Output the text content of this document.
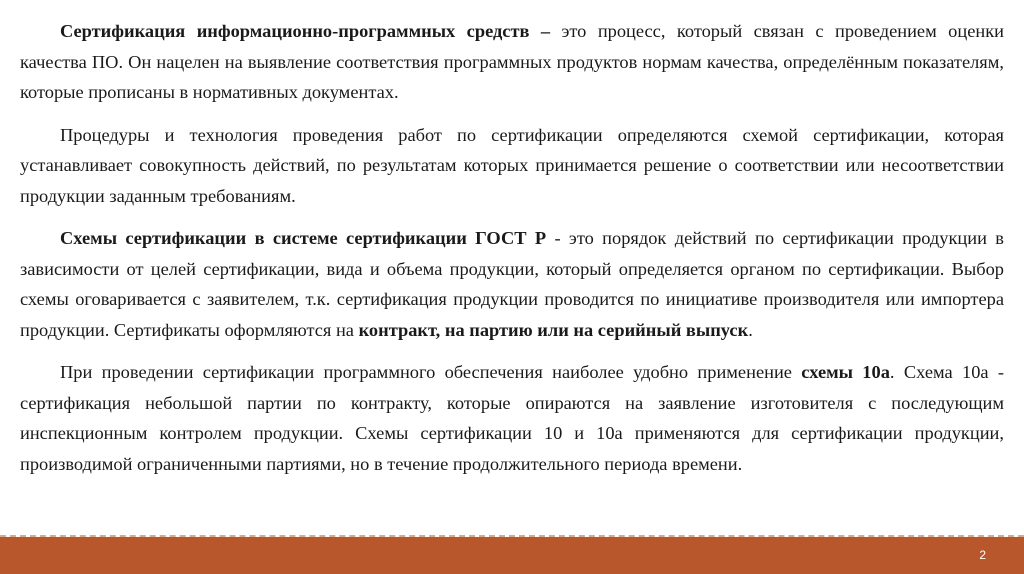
Сертификация информационно-программных средств – это процесс, который связан с проведением оценки качества ПО. Он нацелен на выявление соответствия программных продуктов нормам качества, определённым показателям, которые прописаны в нормативных документах.

Процедуры и технология проведения работ по сертификации определяются схемой сертификации, которая устанавливает совокупность действий, по результатам которых принимается решение о соответствии или несоответствии продукции заданным требованиям.

Схемы сертификации в системе сертификации ГОСТ Р - это порядок действий по сертификации продукции в зависимости от целей сертификации, вида и объема продукции, который определяется органом по сертификации. Выбор схемы оговаривается с заявителем, т.к. сертификация продукции проводится по инициативе производителя или импортера продукции. Сертификаты оформляются на контракт, на партию или на серийный выпуск.

При проведении сертификации программного обеспечения наиболее удобно применение схемы 10а. Схема 10а - сертификация небольшой партии по контракту, которые опираются на заявление изготовителя с последующим инспекционным контролем продукции. Схемы сертификации 10 и 10а применяются для сертификации продукции, производимой ограниченными партиями, но в течение продолжительного периода времени.

2
